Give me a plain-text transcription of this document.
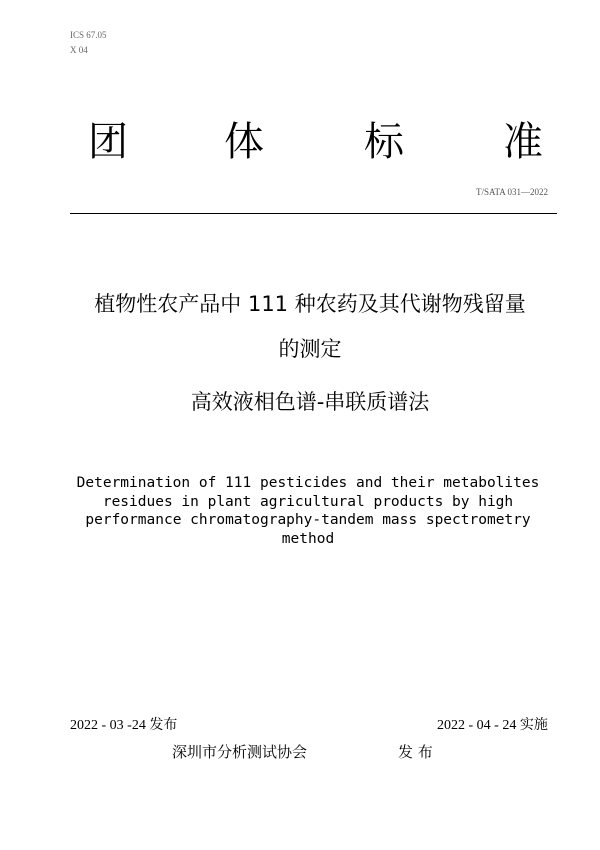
ICS 67.05
X 04
团 体	标 准
T/SATA 031—2022
植物性农产品中 111 种农药及其代谢物残留量
的测定
高效液相色谱-串联质谱法
Determination of 111 pesticides and their metabolites
residues in plant agricultural products by high
performance chromatography-tandem mass spectrometry
method
2022 - 03 -24 发布	2022 - 04 - 24 实施
深圳市分析测试协会	发 布
